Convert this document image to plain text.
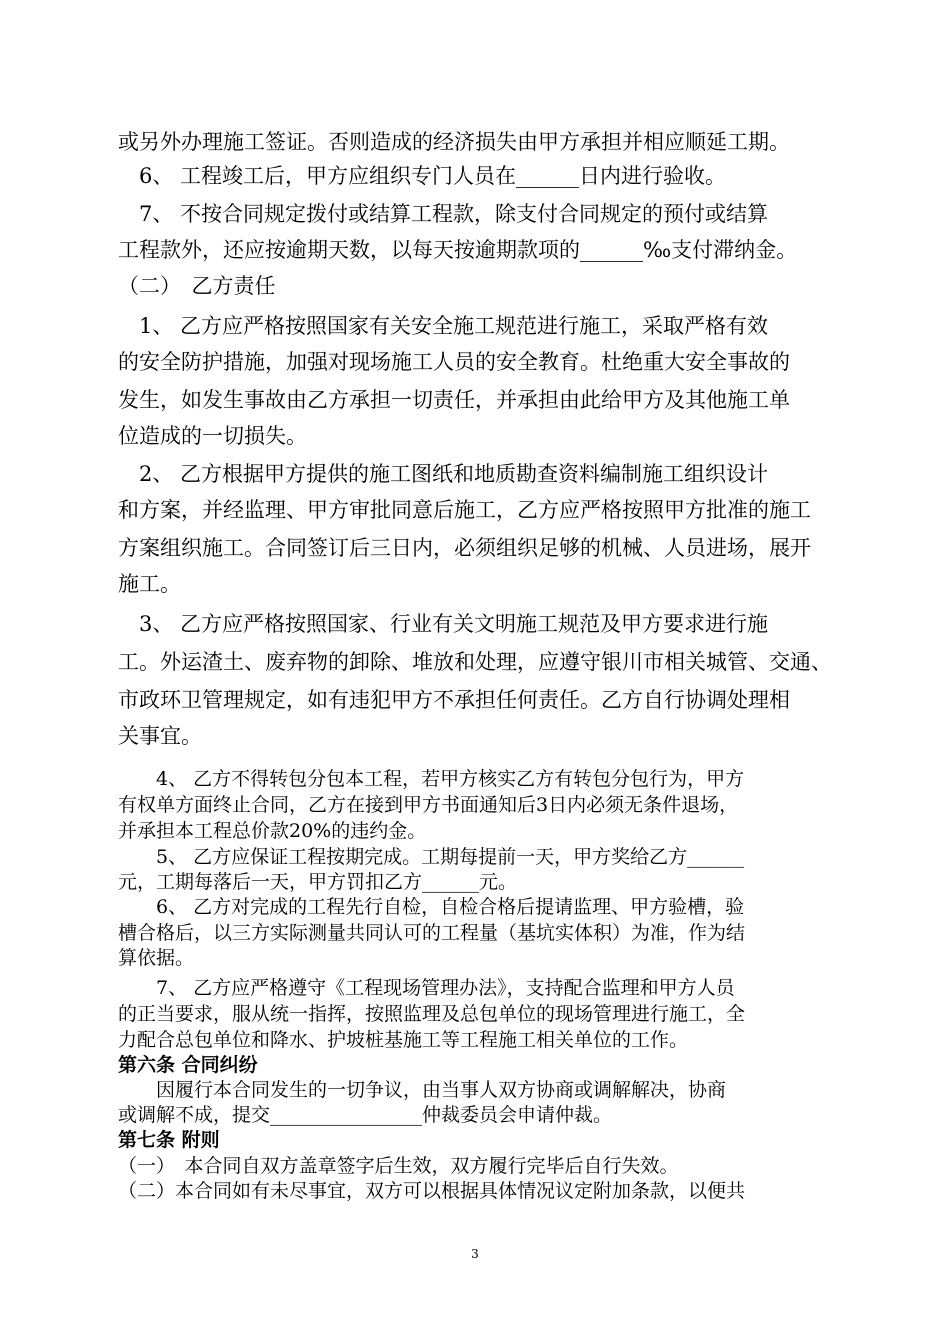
或另外办理施工签证。否则造成的经济损失由甲方承担并相应顺延工期。
　6、 工程竣工后，甲方应组织专门人员在______日内进行验收。
　7、 不按合同规定拨付或结算工程款，除支付合同规定的预付或结算
工程款外，还应按逾期天数，以每天按逾期款项的______‰支付滞纳金。
（二）　乙方责任
　1、 乙方应严格按照国家有关安全施工规范进行施工，采取严格有效
的安全防护措施，加强对现场施工人员的安全教育。杜绝重大安全事故的
发生，如发生事故由乙方承担一切责任，并承担由此给甲方及其他施工单
位造成的一切损失。
　2、 乙方根据甲方提供的施工图纸和地质勘查资料编制施工组织设计
和方案，并经监理、甲方审批同意后施工，乙方应严格按照甲方批准的施工
方案组织施工。合同签订后三日内，必须组织足够的机械、人员进场，展开
施工。
　3、 乙方应严格按照国家、行业有关文明施工规范及甲方要求进行施
工。外运渣土、废弃物的卸除、堆放和处理，应遵守银川市相关城管、交通、
市政环卫管理规定，如有违犯甲方不承担任何责任。乙方自行协调处理相
关事宜。
　　4、 乙方不得转包分包本工程，若甲方核实乙方有转包分包行为，甲方
有权单方面终止合同，乙方在接到甲方书面通知后3日内必须无条件退场，
并承担本工程总价款20%的违约金。
　　5、 乙方应保证工程按期完成。工期每提前一天，甲方奖给乙方______
元，工期每落后一天，甲方罚扣乙方______元。
　　6、 乙方对完成的工程先行自检，自检合格后提请监理、甲方验槽，验
槽合格后，以三方实际测量共同认可的工程量（基坑实体积）为准，作为结
算依据。
　　7、 乙方应严格遵守《工程现场管理办法》，支持配合监理和甲方人员
的正当要求，服从统一指挥，按照监理及总包单位的现场管理进行施工，全
力配合总包单位和降水、护坡桩基施工等工程施工相关单位的工作。
第六条 合同纠纷
　　因履行本合同发生的一切争议，由当事人双方协商或调解解决，协商
或调解不成，提交________________仲裁委员会申请仲裁。
第七条 附则
（一）　本合同自双方盖章签字后生效，双方履行完毕后自行失效。
（二）本合同如有未尽事宜，双方可以根据具体情况议定附加条款，以便共
3
